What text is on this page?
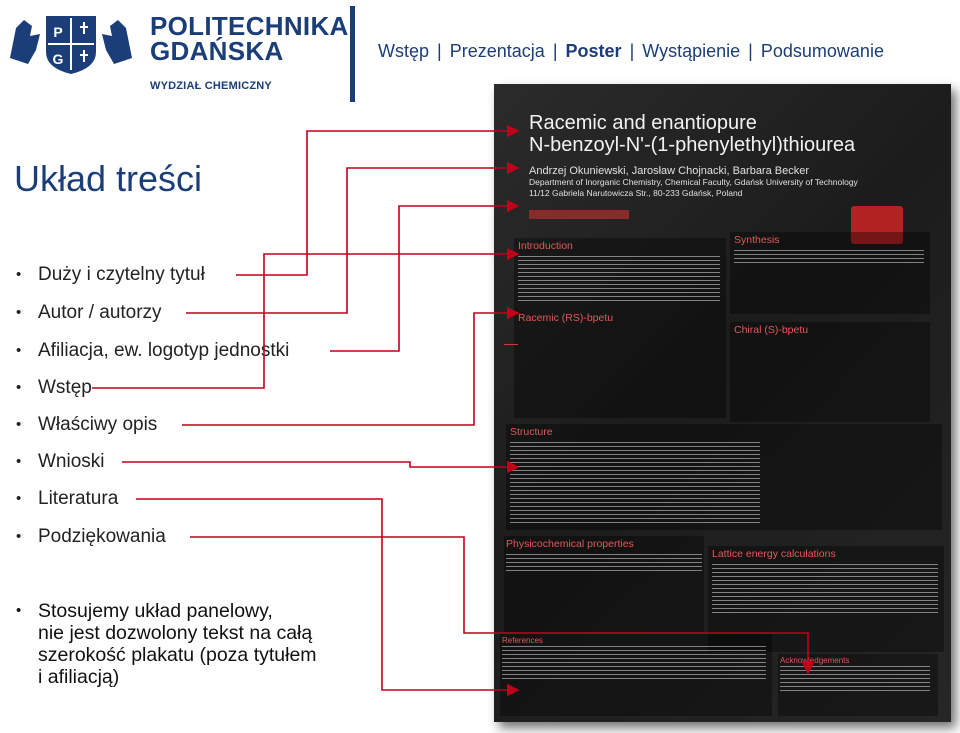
P
G
POLITECHNIKA
GDAŃSKA
WYDZIAŁ CHEMICZNY
Wstęp | Prezentacja | Poster | Wystąpienie | Podsumowanie
Układ treści
• Duży i czytelny tytuł
• Autor / autorzy
• Afiliacja, ew. logotyp jednostki
• Wstęp
• Właściwy opis
• Wnioski
• Literatura
• Podziękowania
• Stosujemy układ panelowy,
nie jest dozwolony tekst na całą
szerokość plakatu (poza tytułem
i afiliacją)
Racemic and enantiopure
N-benzoyl-N'-(1-phenylethyl)thiourea
Andrzej Okuniewski, Jarosław Chojnacki, Barbara Becker
Department of Inorganic Chemistry, Chemical Faculty, Gdańsk University of Technology
11/12 Gabriela Narutowicza Str., 80-233 Gdańsk, Poland
Introduction	Synthesis
Racemic (RS)-bpetu
Chiral (S)-bpetu
Structure
Physicochemical properties
Lattice energy calculations
References
Acknowledgements
